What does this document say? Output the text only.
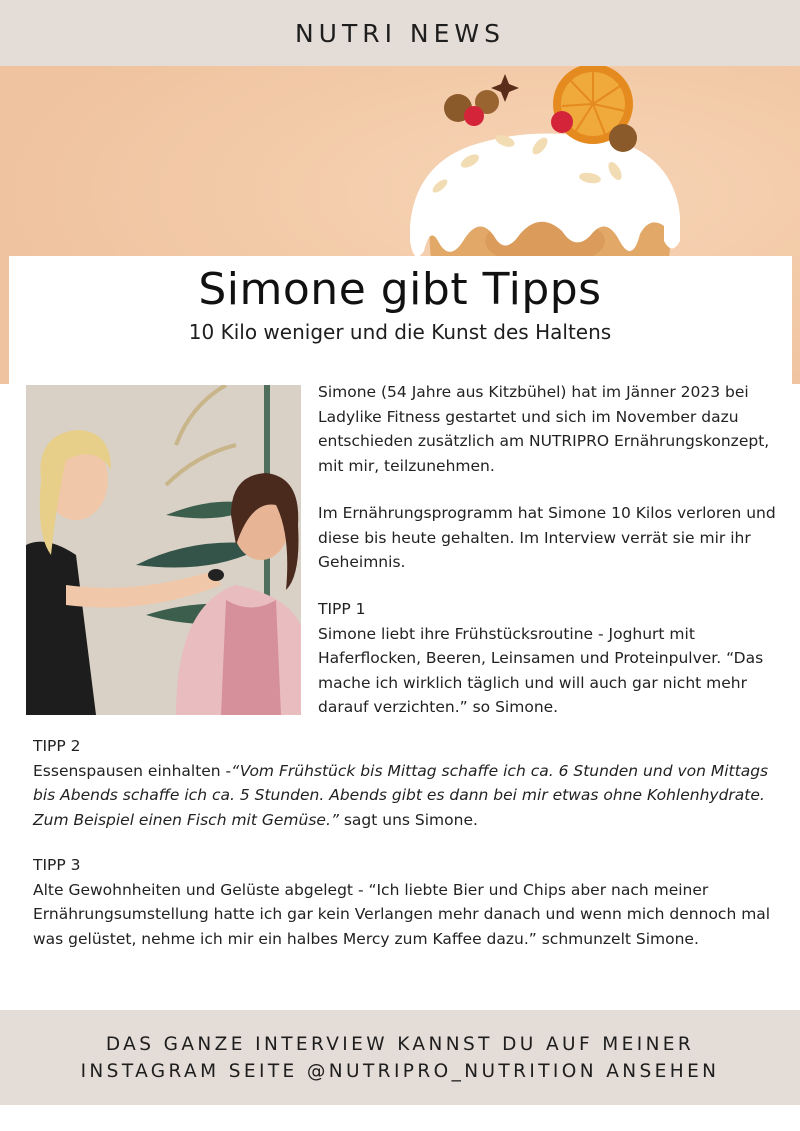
NUTRI NEWS
Simone gibt Tipps
10 Kilo weniger und die Kunst des Haltens
Simone (54 Jahre aus Kitzbühel) hat im Jänner 2023 bei Ladylike Fitness gestartet und sich im November dazu entschieden zusätzlich am NUTRIPRO Ernährungskonzept, mit mir, teilzunehmen.
Im Ernährungsprogramm hat Simone 10 Kilos verloren und diese bis heute gehalten. Im Interview verrät sie mir ihr Geheimnis.
TIPP 1
Simone liebt ihre Frühstücksroutine - Joghurt mit Haferflocken, Beeren, Leinsamen und Proteinpulver. “Das mache ich wirklich täglich und will auch gar nicht mehr darauf verzichten.” so Simone.
TIPP 2
Essenspausen einhalten -“Vom Frühstück bis Mittag schaffe ich ca. 6 Stunden und von Mittags bis Abends schaffe ich ca. 5 Stunden. Abends gibt es dann bei mir etwas ohne Kohlenhydrate. Zum Beispiel einen Fisch mit Gemüse.” sagt uns Simone.
TIPP 3
Alte Gewohnheiten und Gelüste abgelegt - “Ich liebte Bier und Chips aber nach meiner Ernährungsumstellung hatte ich gar kein Verlangen mehr danach und wenn mich dennoch mal was gelüstet, nehme ich mir ein halbes Mercy zum Kaffee dazu.” schmunzelt Simone.
DAS GANZE INTERVIEW KANNST DU AUF MEINER
INSTAGRAM SEITE @NUTRIPRO_NUTRITION ANSEHEN
